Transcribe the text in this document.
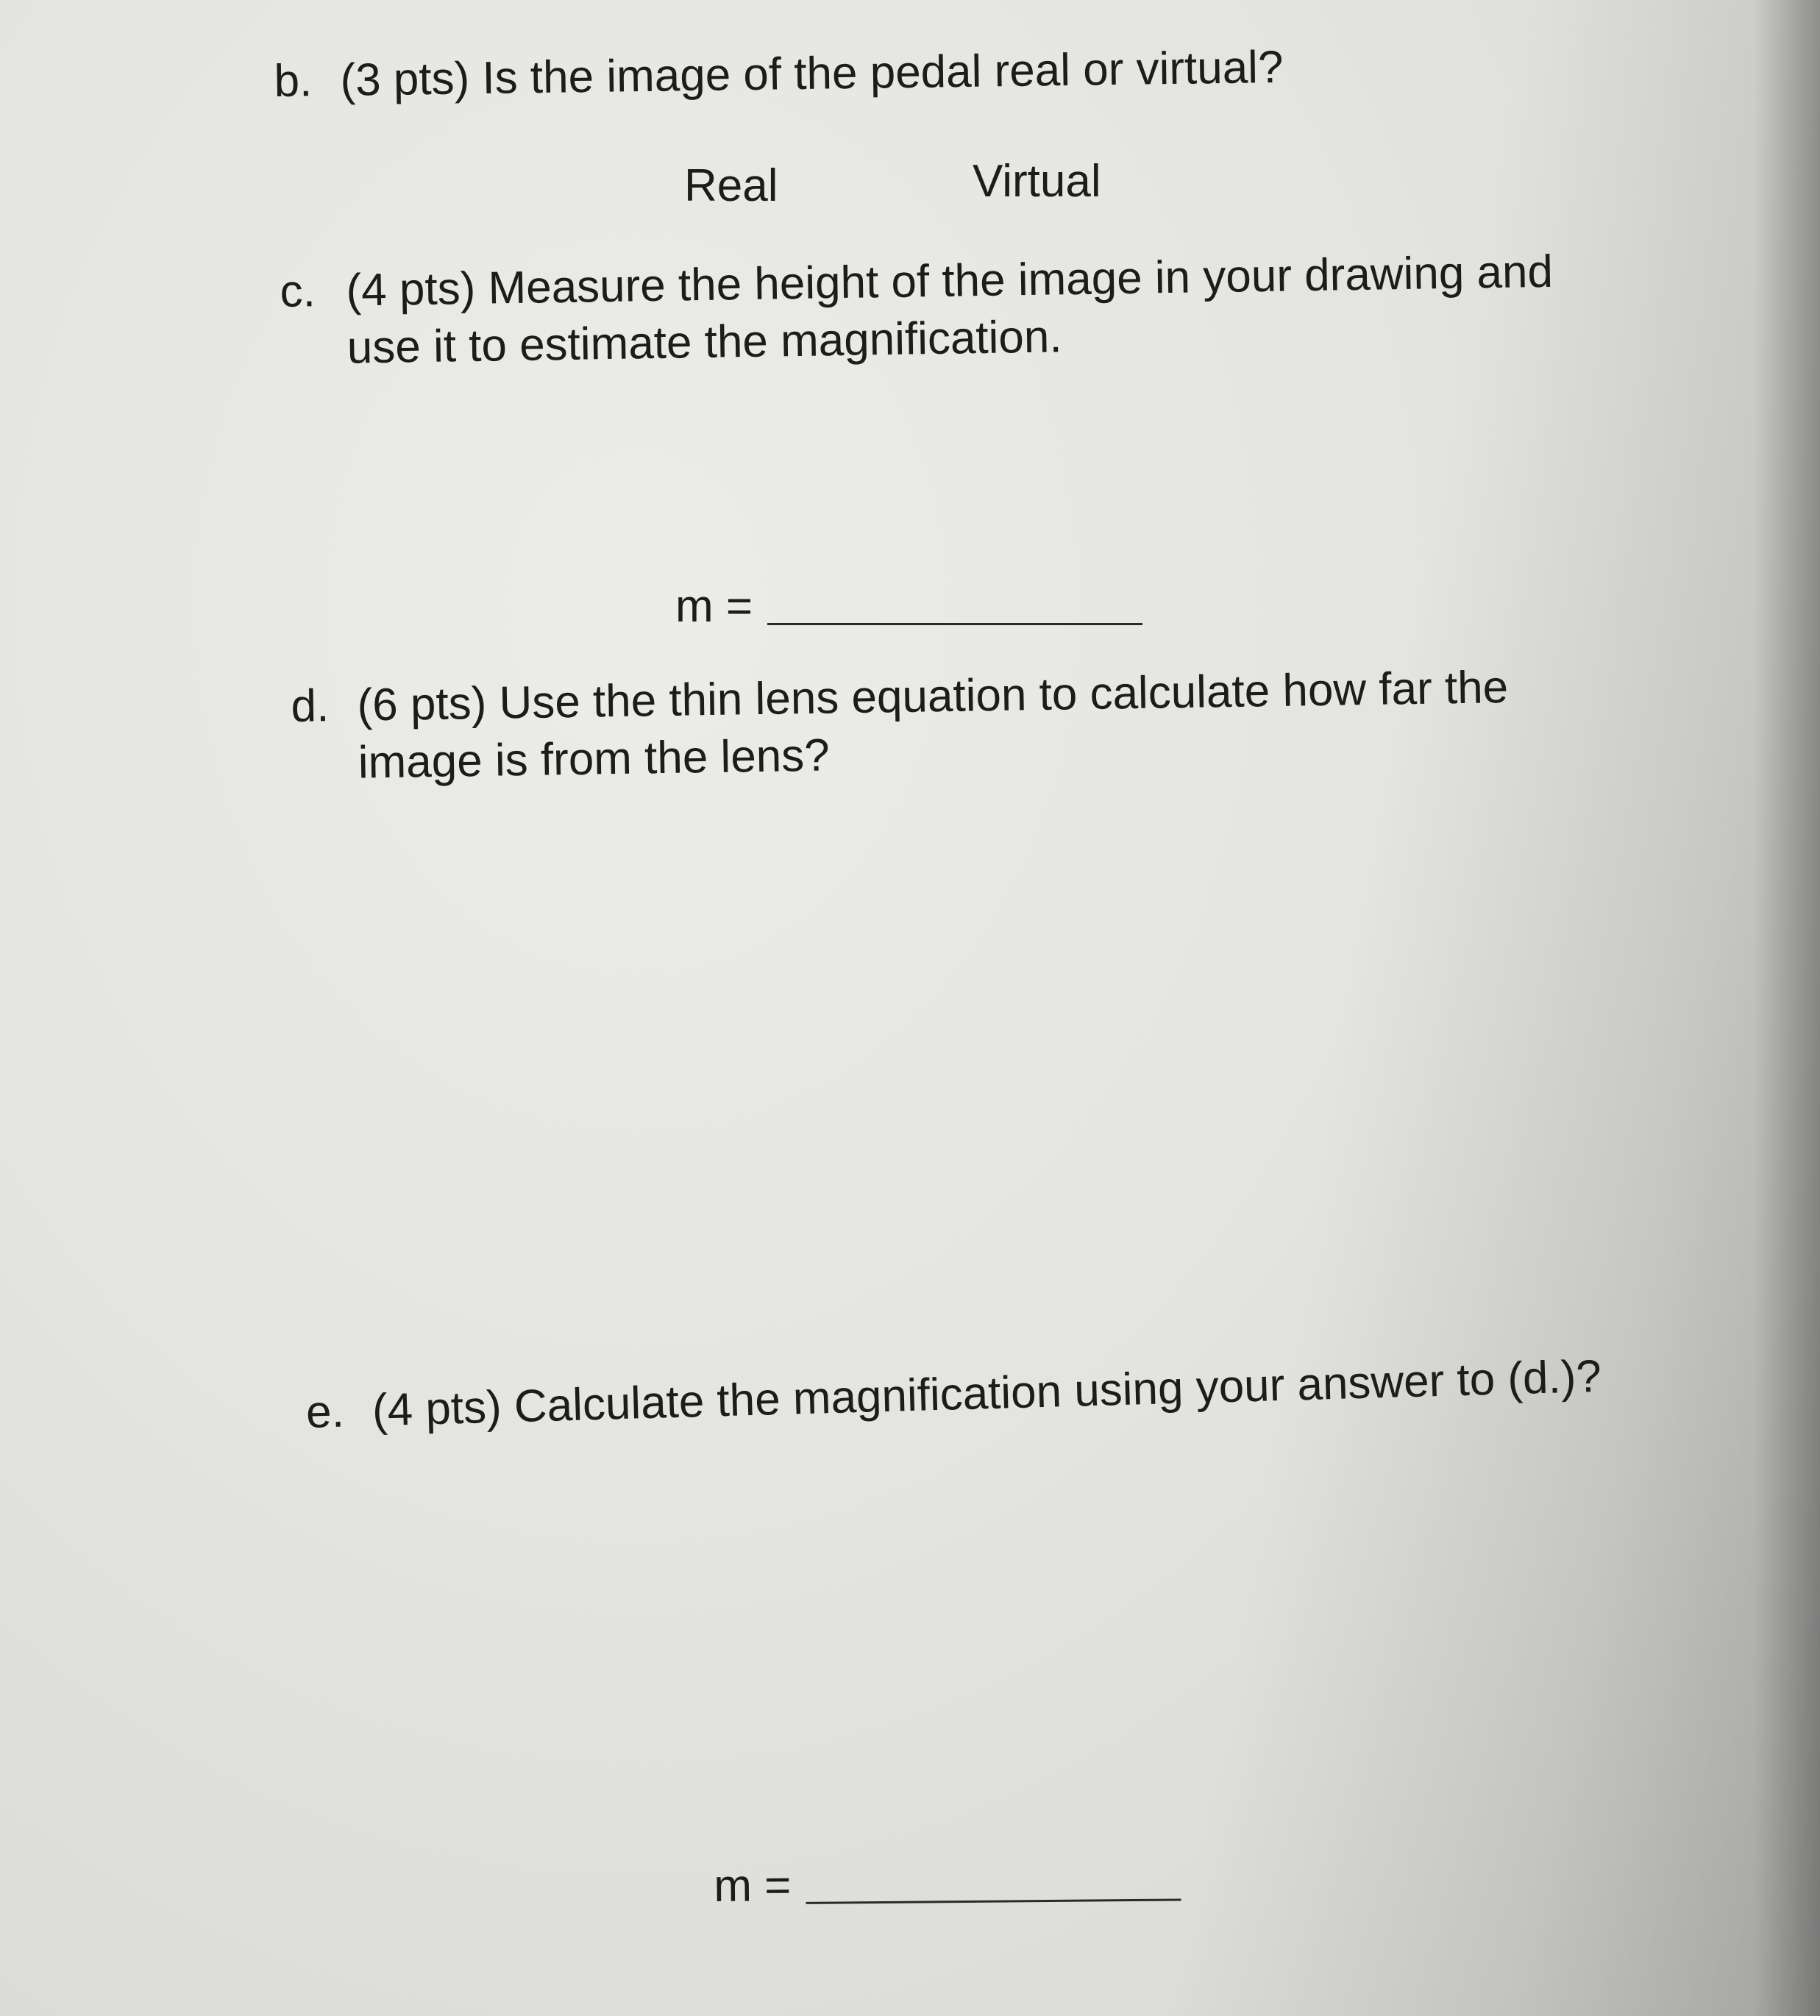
b. (3 pts) Is the image of the pedal real or virtual?
Real	Virtual
c. (4 pts) Measure the height of the image in your drawing and use it to estimate the magnification.
m =
d. (6 pts) Use the thin lens equation to calculate how far the image is from the lens?
e. (4 pts) Calculate the magnification using your answer to (d.)?
m =
